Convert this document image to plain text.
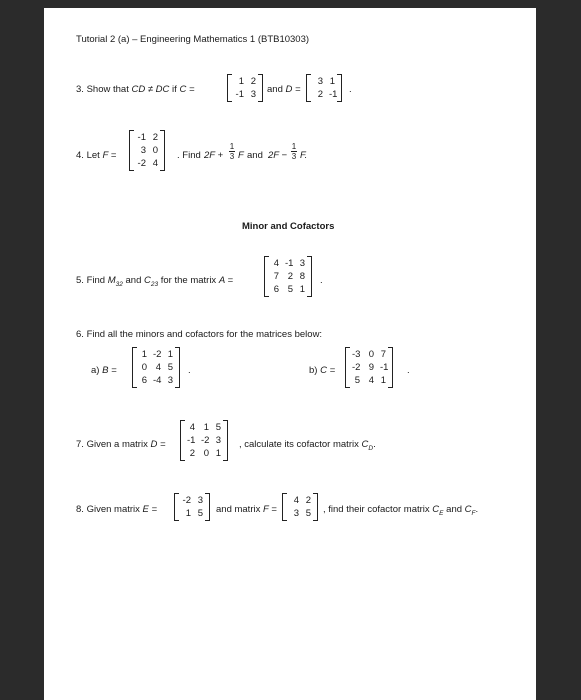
Tutorial 2 (a) – Engineering Mathematics 1 (BTB10303)
3. Show that CD ≠ DC if C =
1 2
-1 3	and D =
3 1
2 -1 .
4. Let F =
-1 2
3 0
-2 4
. Find 2F +
1
3 F and 2F −
1
3 F.
Minor and Cofactors
5. Find $M_{32}$ and $C_{23}$ for the matrix A =
4 -1 3
7 2 8
6 5 1
.
6. Find all the minors and cofactors for the matrices below:
a) B =
1 -2 1
0 4 5
6 -4 3
.	b) C =
-3 0 7
-2 9 -1
5 4 1
.
7. Given a matrix D =
4 1 5
-1 -2 3
2 0 1
, calculate its cofactor matrix $C_D$.
8. Given matrix E =
-2 3
1 5	and matrix F =
4 2
3 5	, find their cofactor matrix $C_E$ and $C_F$.
